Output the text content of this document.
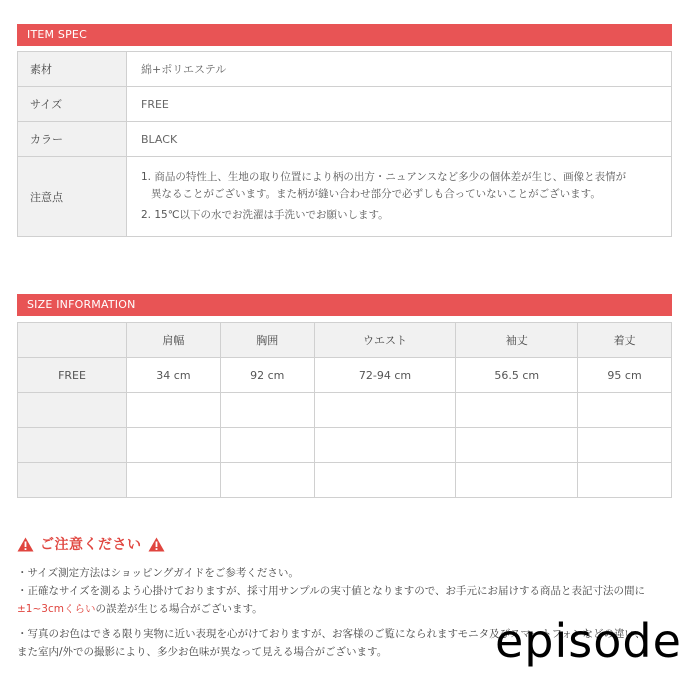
ITEM SPEC
素材	綿+ポリエステル
サイズ	FREE
カラー	BLACK
注意点	1. 商品の特性上、生地の取り位置により柄の出方・ニュアンスなど多少の個体差が生じ、画像と表情が
異なることがございます。また柄が縫い合わせ部分で必ずしも合っていないことがございます。
2. 15℃以下の水でお洗濯は手洗いでお願いします。
SIZE INFORMATION
	肩幅	胸囲	ウエスト	袖丈	着丈
FREE	34 cm	92 cm	72-94 cm	56.5 cm	95 cm

ご注意ください
・サイズ測定方法はショッピングガイドをご参考ください。
・正確なサイズを測るよう心掛けておりますが、採寸用サンプルの実寸値となりますので、お手元にお届けする商品と表記寸法の間に
±1~3cmくらいの誤差が生じる場合がございます。
・写真のお色はできる限り実物に近い表現を心がけておりますが、お客様のご覧になられますモニタ及びスマートフォンなどの違い、
また室内/外での撮影により、多少お色味が異なって見える場合がございます。 episode
